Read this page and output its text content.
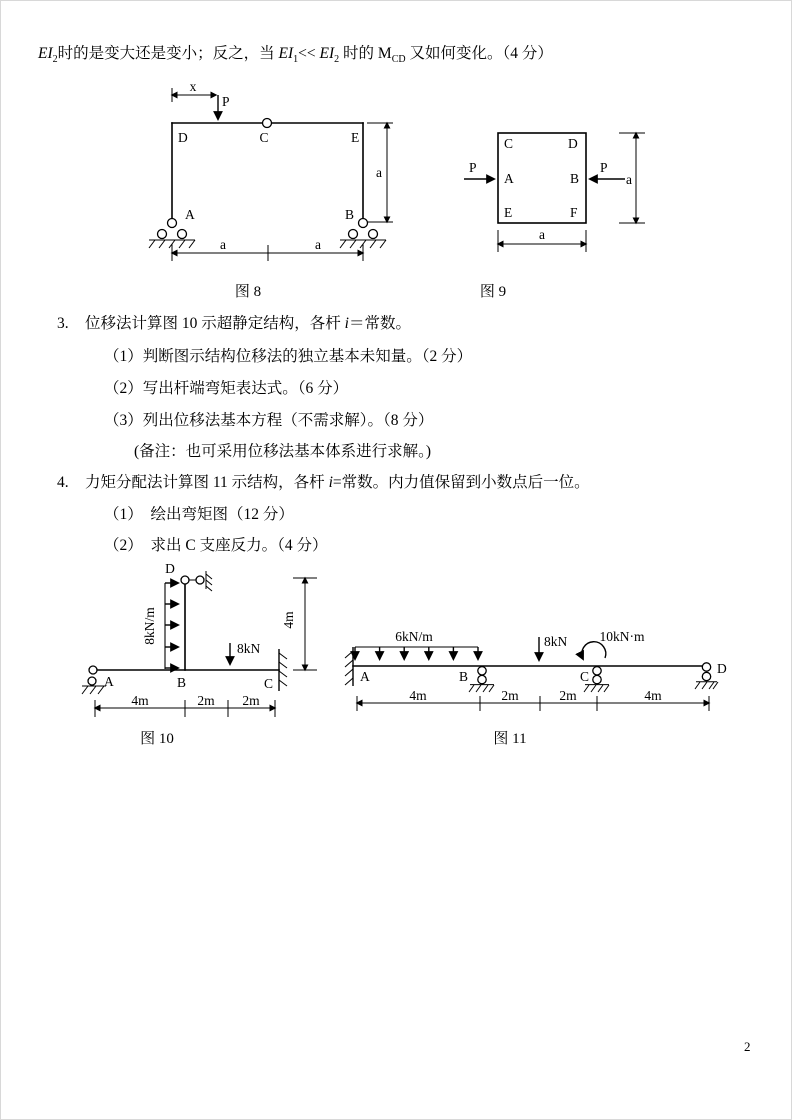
$EI_2$时的是变大还是变小；反之，当 $EI_1<< EI_2$ 时的 $M_{CD}$ 又如何变化。（4 分）
x
P
D	C	E
A	B
a
a	a
图 8
C	D
A	B
E	F
P	P
a
a
图 9
3. 位移法计算图 10 示超静定结构，各杆 i＝常数。
（1）判断图示结构位移法的独立基本未知量。（2 分）
（2）写出杆端弯矩表达式。（6 分）
（3）列出位移法基本方程（不需求解）。（8 分）
(备注：也可采用位移法基本体系进行求解。)
4. 力矩分配法计算图 11 示结构，各杆 i=常数。内力值保留到小数点后一位。
（1）　绘出弯矩图（12 分）
（2）　求出 C 支座反力。（4 分）
A	B
D
8kN/m
8kN
C
4m
4m	2m 2m
图 10
A
6kN/m
B
8kN 10kN·m
C
D
4m	2m	2m	4m
图 11
2
